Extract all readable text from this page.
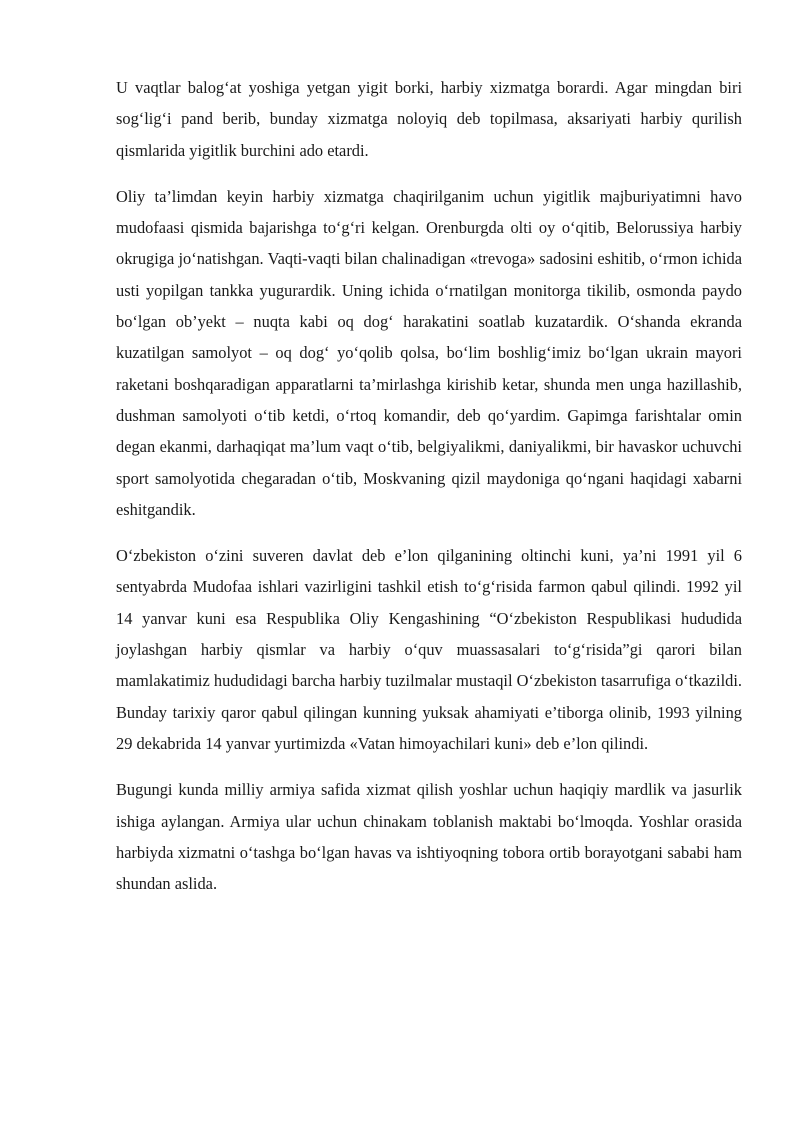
U vaqtlar balog‘at yoshiga yetgan yigit borki, harbiy xizmatga borardi. Agar mingdan biri sog‘lig‘i pand berib, bunday xizmatga noloyiq deb topilmasa, aksariyati harbiy qurilish qismlarida yigitlik burchini ado etardi.

Oliy ta’limdan keyin harbiy xizmatga chaqirilganim uchun yigitlik majburiyatimni havo mudofaasi qismida bajarishga to‘g‘ri kelgan. Orenburgda olti oy o‘qitib, Belorussiya harbiy okrugiga jo‘natishgan. Vaqti-vaqti bilan chalinadigan «trevoga» sadosini eshitib, o‘rmon ichida usti yopilgan tankka yugurardik. Uning ichida o‘rnatilgan monitorga tikilib, osmonda paydo bo‘lgan ob’yekt – nuqta kabi oq dog‘ harakatini soatlab kuzatardik. O‘shanda ekranda kuzatilgan samolyot – oq dog‘ yo‘qolib qolsa, bo‘lim boshlig‘imiz bo‘lgan ukrain mayori raketani boshqaradigan apparatlarni ta’mirlashga kirishib ketar, shunda men unga hazillashib, dushman samolyoti o‘tib ketdi, o‘rtoq komandir, deb qo‘yardim. Gapimga farishtalar omin degan ekanmi, darhaqiqat ma’lum vaqt o‘tib, belgiyalikmi, daniyalikmi, bir havaskor uchuvchi sport samolyotida chegaradan o‘tib, Moskvaning qizil maydoniga qo‘ngani haqidagi xabarni eshitgandik.

O‘zbekiston o‘zini suveren davlat deb e’lon qilganining oltinchi kuni, ya’ni 1991 yil 6 sentyabrda Mudofaa ishlari vazirligini tashkil etish to‘g‘risida farmon qabul qilindi. 1992 yil 14 yanvar kuni esa Respublika Oliy Kengashining “O‘zbekiston Respublikasi hududida joylashgan harbiy qismlar va harbiy o‘quv muassasalari to‘g‘risida”gi qarori bilan mamlakatimiz hududidagi barcha harbiy tuzilmalar mustaqil O‘zbekiston tasarrufiga o‘tkazildi. Bunday tarixiy qaror qabul qilingan kunning yuksak ahamiyati e’tiborga olinib, 1993 yilning 29 dekabrida 14 yanvar yurtimizda «Vatan himoyachilari kuni» deb e’lon qilindi.

Bugungi kunda milliy armiya safida xizmat qilish yoshlar uchun haqiqiy mardlik va jasurlik ishiga aylangan. Armiya ular uchun chinakam toblanish maktabi bo‘lmoqda. Yoshlar orasida harbiyda xizmatni o‘tashga bo‘lgan havas va ishtiyoqning tobora ortib borayotgani sababi ham shundan aslida.
